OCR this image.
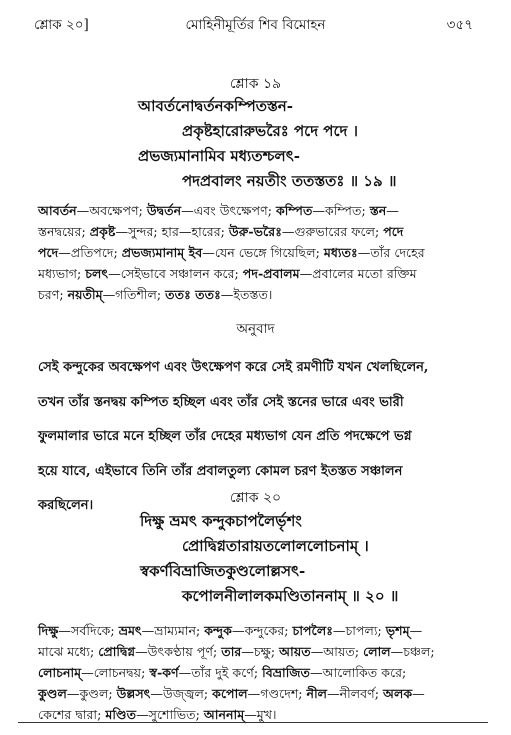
শ্লোক ২০]	মোহিনীমূর্তির শিব বিমোহন	৩৫৭
শ্লোক ১৯
আবর্তনোদ্বর্তনকম্পিতস্তন-
প্রকৃষ্টহারোরুভরৈঃ পদে পদে ।
প্রভজ্যমানামিব মধ্যতশ্চলৎ-
পদপ্রবালং নয়তীং ততস্ততঃ ॥ ১৯ ॥

আবর্তন—অবক্ষেপণ; উদ্বর্তন—এবং উৎক্ষেপণ; কম্পিত—কম্পিত; স্তন—

স্তনদ্বয়ের; প্রকৃষ্ট—সুন্দর; হার—হারের; উরু-ভরৈঃ—গুরুভারের ফলে; পদে

পদে—প্রতিপদে; প্রভজ্যমানাম্ ইব—যেন ভেঙ্গে গিয়েছিল; মধ্যতঃ—তাঁর দেহের

মধ্যভাগ; চলৎ—সেইভাবে সঞ্চালন করে; পদ-প্রবালম—প্রবালের মতো রক্তিম

চরণ; নয়তীম্—গতিশীল; ততঃ ততঃ—ইতস্তত।

অনুবাদ

সেই কন্দুকের অবক্ষেপণ এবং উৎক্ষেপণ করে সেই রমণীটি যখন খেলছিলেন,

তখন তাঁর স্তনদ্বয় কম্পিত হচ্ছিল এবং তাঁর সেই স্তনের ভারে এবং ভারী

ফুলমালার ভারে মনে হচ্ছিল তাঁর দেহের মধ্যভাগ যেন প্রতি পদক্ষেপে ভগ্ন

হয়ে যাবে, এইভাবে তিনি তাঁর প্রবালতুল্য কোমল চরণ ইতস্তত সঞ্চালন

করছিলেন।	শ্লোক ২০
দিক্ষু ভ্রমৎ কন্দুকচাপলৈর্ভৃশং
প্রোদ্বিগ্নতারায়তলোললোচনাম্ ।
স্বকর্ণবিভ্রাজিতকুণ্ডলোল্লসৎ-
কপোলনীলালকমণ্ডিতাননাম্ ॥ ২০ ॥

দিক্ষু—সর্বদিকে; ভ্রমৎ—ভ্রাম্যমান; কন্দুক—কন্দুকের; চাপলৈঃ—চাপল্য; ভৃশম্—

মাঝে মধ্যে; প্রোদ্বিগ্ন—উৎকণ্ঠায় পূর্ণ; তার—চক্ষু; আয়ত—আয়ত; লোল—চঞ্চল;

লোচনাম্—লোচনদ্বয়; স্ব-কর্ণ—তাঁর দুই কর্ণে; বিভ্রাজিত—আলোকিত করে;

কুণ্ডল—কুণ্ডল; উল্লসৎ—উজ্জ্বল; কপোল—গণ্ডদেশ; নীল—নীলবর্ণ; অলক—

কেশের দ্বারা; মণ্ডিত—সুশোভিত; আননাম্—মুখ।
